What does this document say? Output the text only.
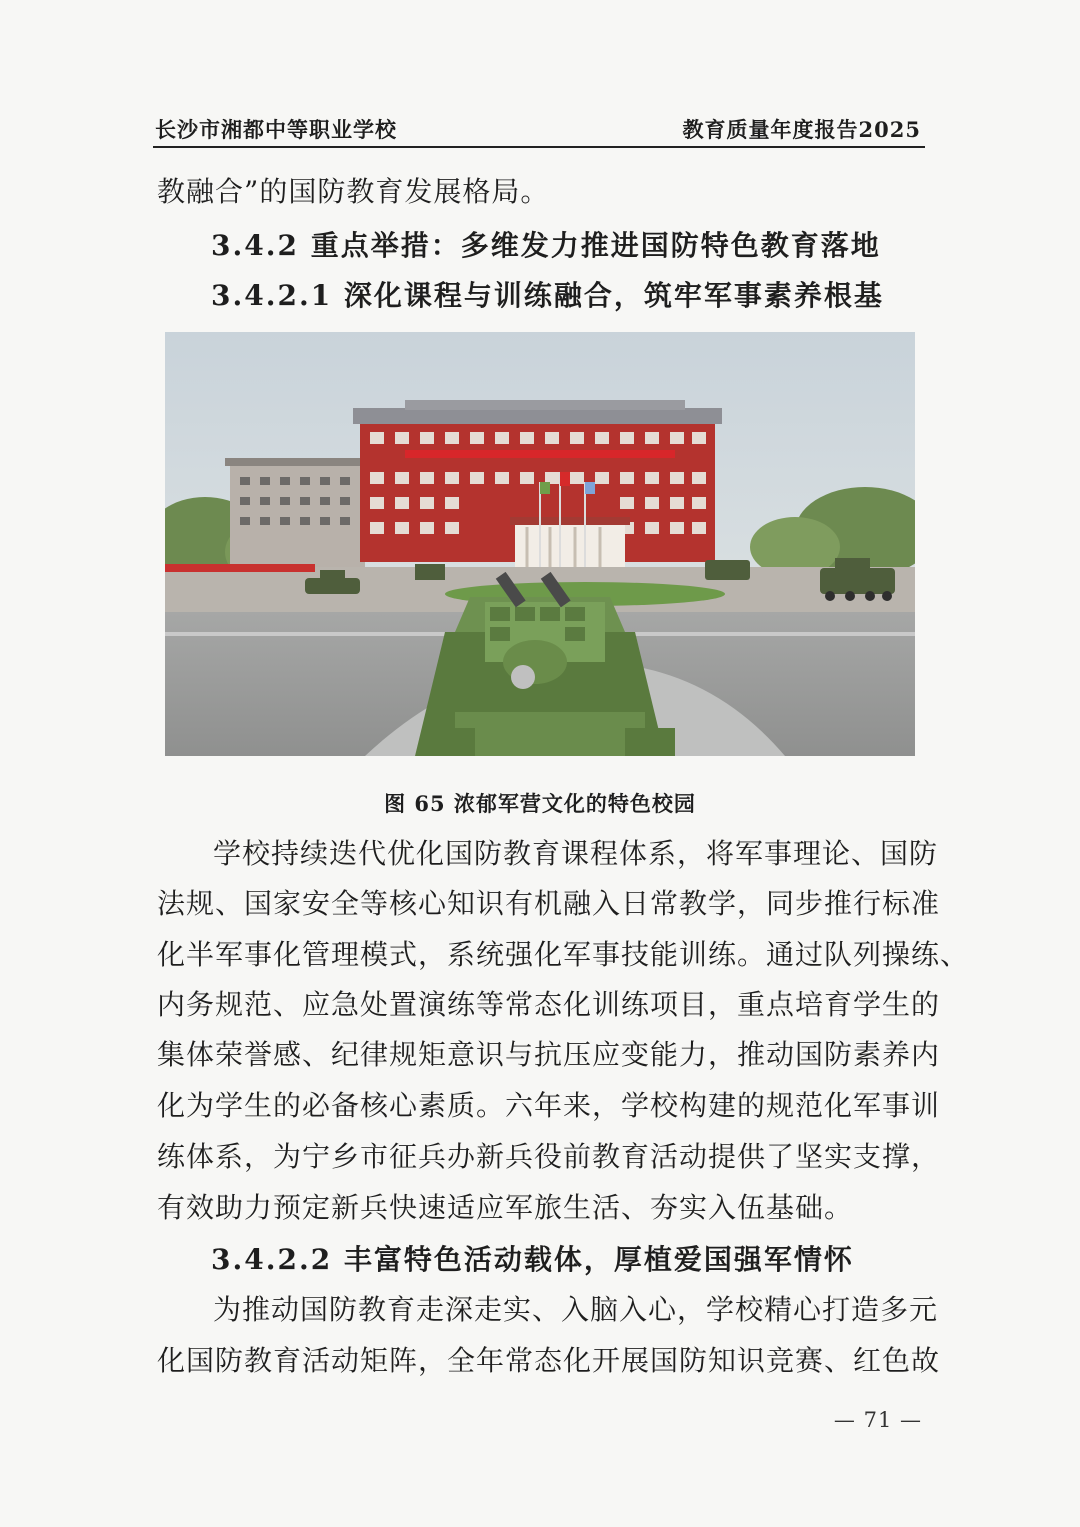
长沙市湘都中等职业学校	教育质量年度报告2025
教融合”的国防教育发展格局。
3.4.2 重点举措：多维发力推进国防特色教育落地
3.4.2.1 深化课程与训练融合，筑牢军事素养根基
图 65 浓郁军营文化的特色校园
学校持续迭代优化国防教育课程体系，将军事理论、国防
法规、国家安全等核心知识有机融入日常教学，同步推行标准
化半军事化管理模式，系统强化军事技能训练。通过队列操练、
内务规范、应急处置演练等常态化训练项目，重点培育学生的
集体荣誉感、纪律规矩意识与抗压应变能力，推动国防素养内
化为学生的必备核心素质。六年来，学校构建的规范化军事训
练体系，为宁乡市征兵办新兵役前教育活动提供了坚实支撑，
有效助力预定新兵快速适应军旅生活、夯实入伍基础。
3.4.2.2 丰富特色活动载体，厚植爱国强军情怀
为推动国防教育走深走实、入脑入心，学校精心打造多元
化国防教育活动矩阵，全年常态化开展国防知识竞赛、红色故
— 71 —
